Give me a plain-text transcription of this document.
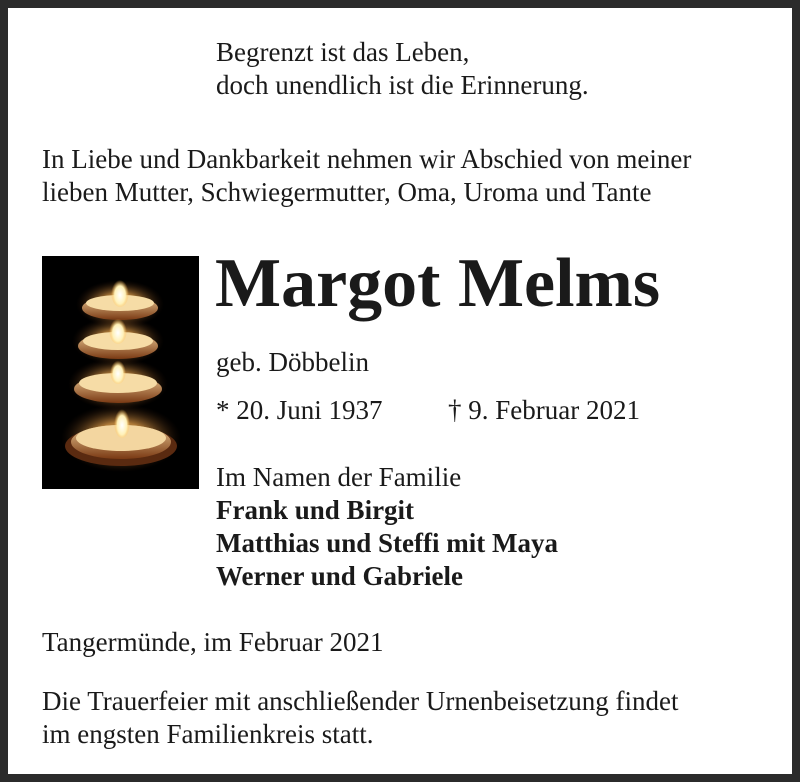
Begrenzt ist das Leben,
doch unendlich ist die Erinnerung.
In Liebe und Dankbarkeit nehmen wir Abschied von meiner
lieben Mutter, Schwiegermutter, Oma, Uroma und Tante
Margot Melms
geb. Döbbelin
* 20. Juni 1937 † 9. Februar 2021
Im Namen der Familie
Frank und Birgit
Matthias und Steffi mit Maya
Werner und Gabriele
Tangermünde, im Februar 2021
Die Trauerfeier mit anschließender Urnenbeisetzung findet
im engsten Familienkreis statt.
